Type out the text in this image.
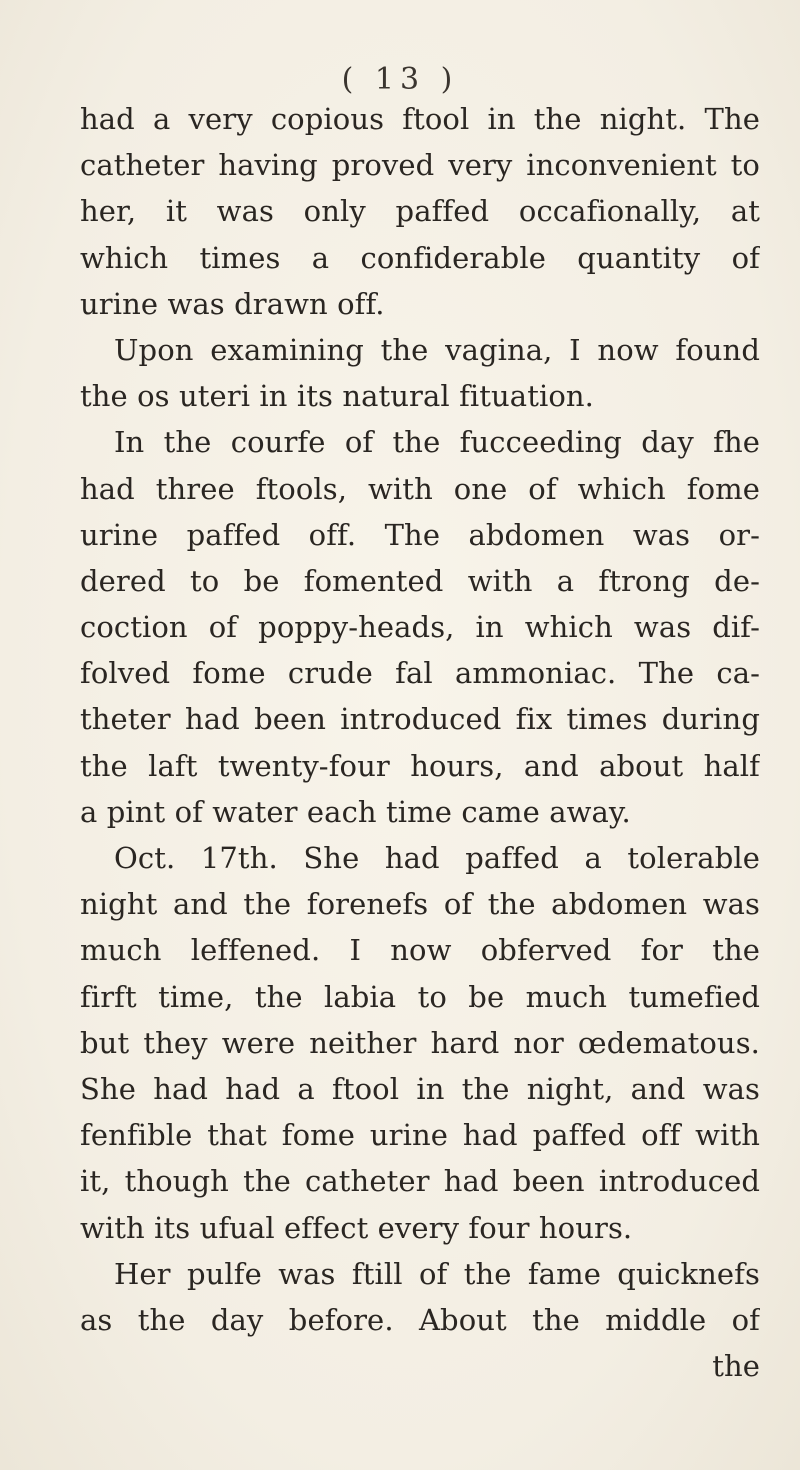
( 13 )
had a very copious ftool in the night. The
catheter having proved very inconvenient to
her, it was only paffed occafionally, at
which times a confiderable quantity of
urine was drawn off.
Upon examining the vagina, I now found
the os uteri in its natural fituation.
In the courfe of the fucceeding day fhe
had three ftools, with one of which fome
urine paffed off. The abdomen was or-
dered to be fomented with a ftrong de-
coction of poppy-heads, in which was dif-
folved fome crude fal ammoniac. The ca-
theter had been introduced fix times during
the laft twenty-four hours, and about half
a pint of water each time came away.
Oct. 17th. She had paffed a tolerable
night and the forenefs of the abdomen was
much leffened. I now obferved for the
firft time, the labia to be much tumefied
but they were neither hard nor œdematous.
She had had a ftool in the night, and was
fenfible that fome urine had paffed off with
it, though the catheter had been introduced
with its ufual effect every four hours.
Her pulfe was ftill of the fame quicknefs
as the day before. About the middle of
the
